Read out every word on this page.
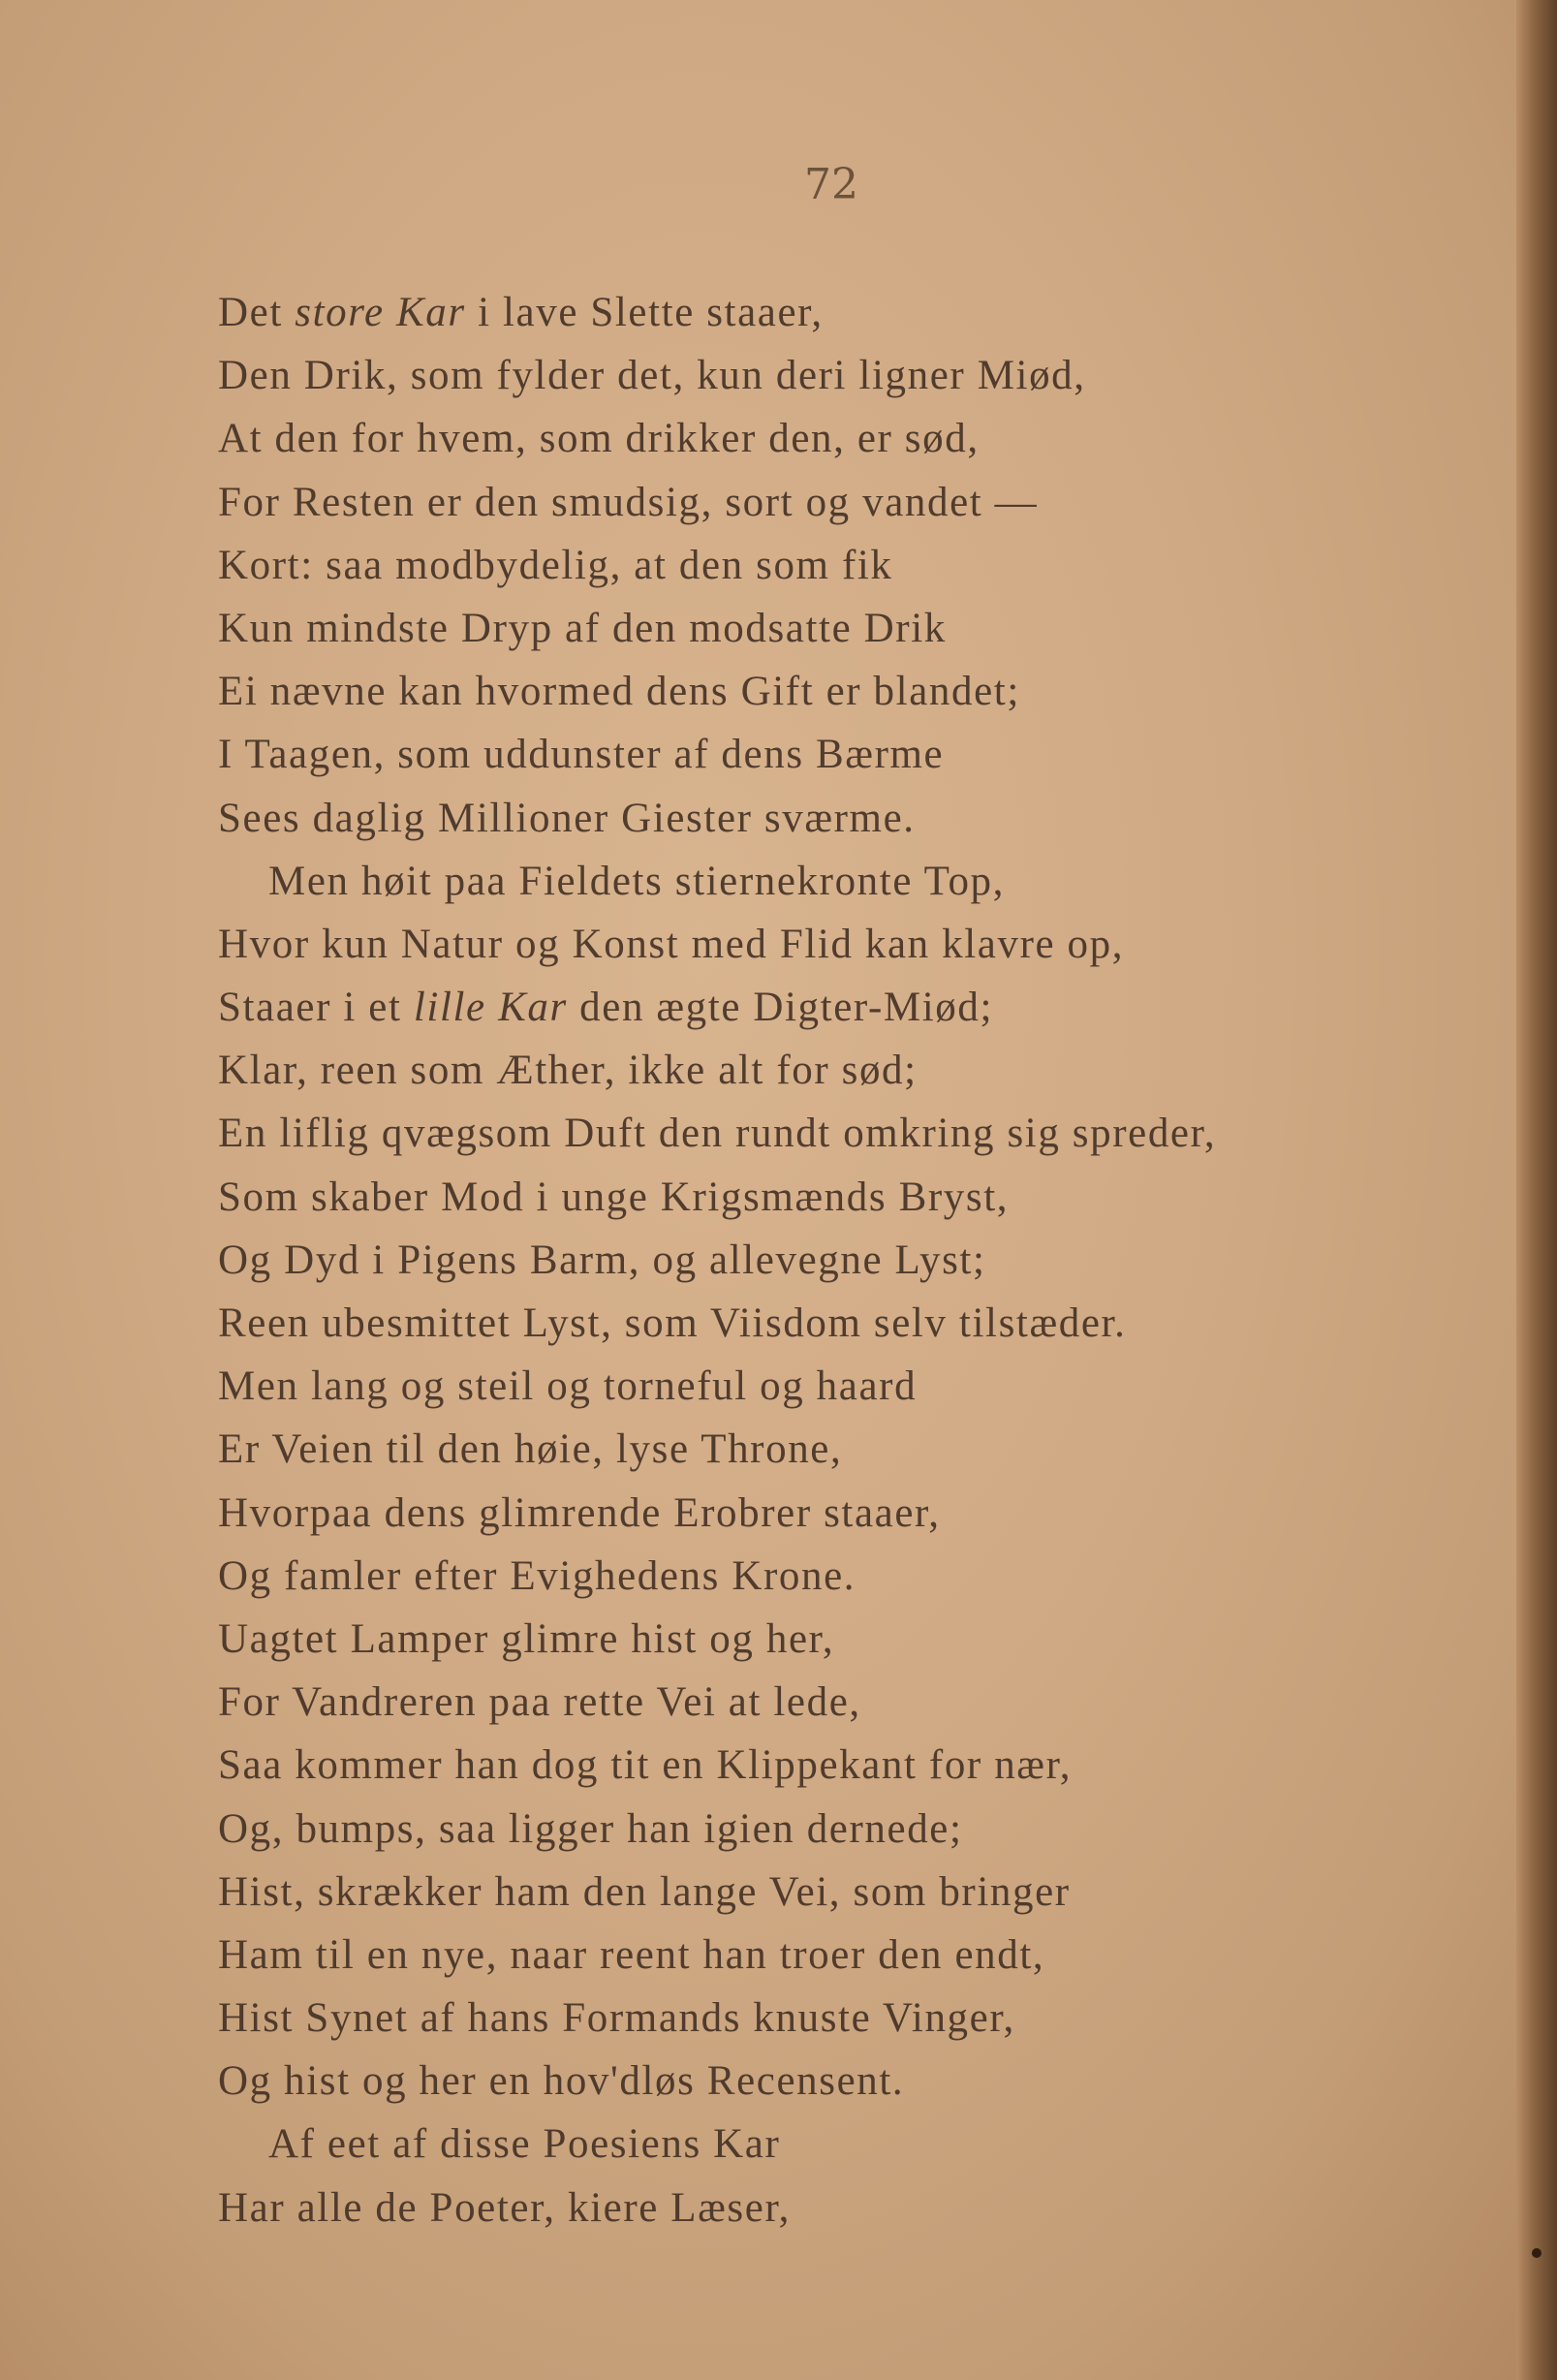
72
Det store Kar i lave Slette staaer,
Den Drik, som fylder det, kun deri ligner Miød,
At den for hvem, som drikker den, er sød,
For Resten er den smudsig, sort og vandet —
Kort: saa modbydelig, at den som fik
Kun mindste Dryp af den modsatte Drik
Ei nævne kan hvormed dens Gift er blandet;
I Taagen, som uddunster af dens Bærme
Sees daglig Millioner Giester sværme.
Men høit paa Fieldets stiernekronte Top,
Hvor kun Natur og Konst med Flid kan klavre op,
Staaer i et lille Kar den ægte Digter-Miød;
Klar, reen som Æther, ikke alt for sød;
En liflig qvægsom Duft den rundt omkring sig spreder,
Som skaber Mod i unge Krigsmænds Bryst,
Og Dyd i Pigens Barm, og allevegne Lyst;
Reen ubesmittet Lyst, som Viisdom selv tilstæder.
Men lang og steil og torneful og haard
Er Veien til den høie, lyse Throne,
Hvorpaa dens glimrende Erobrer staaer,
Og famler efter Evighedens Krone.
Uagtet Lamper glimre hist og her,
For Vandreren paa rette Vei at lede,
Saa kommer han dog tit en Klippekant for nær,
Og, bumps, saa ligger han igien dernede;
Hist, skrækker ham den lange Vei, som bringer
Ham til en nye, naar reent han troer den endt,
Hist Synet af hans Formands knuste Vinger,
Og hist og her en hov'dløs Recensent.
Af eet af disse Poesiens Kar
Har alle de Poeter, kiere Læser,
